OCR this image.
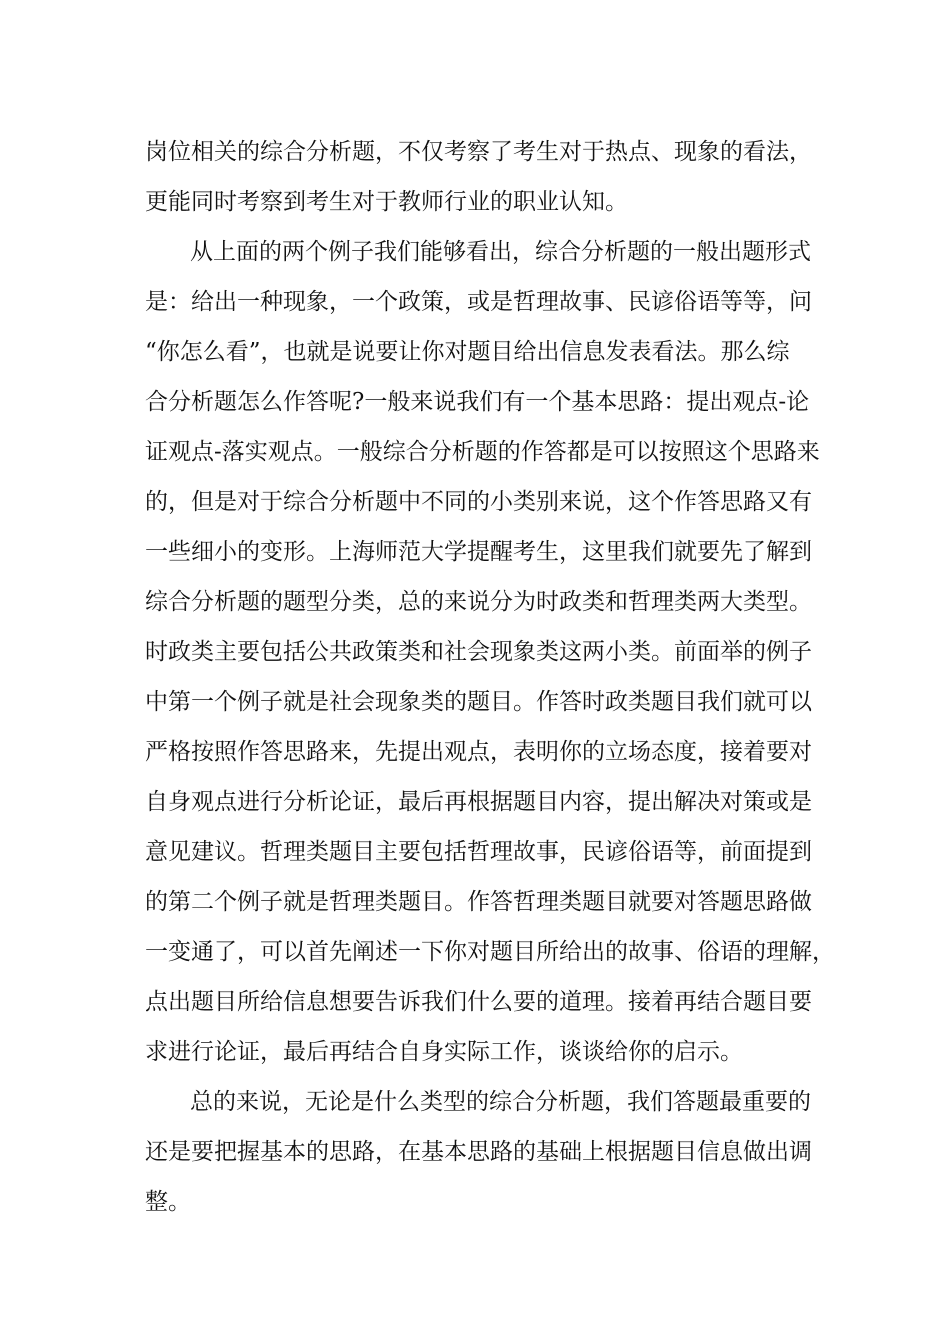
岗位相关的综合分析题，不仅考察了考生对于热点、现象的看法，
更能同时考察到考生对于教师行业的职业认知。
从上面的两个例子我们能够看出，综合分析题的一般出题形式
是：给出一种现象，一个政策，或是哲理故事、民谚俗语等等，问
“你怎么看”，也就是说要让你对题目给出信息发表看法。那么综
合分析题怎么作答呢?一般来说我们有一个基本思路：提出观点-论
证观点-落实观点。一般综合分析题的作答都是可以按照这个思路来
的，但是对于综合分析题中不同的小类别来说，这个作答思路又有
一些细小的变形。上海师范大学提醒考生，这里我们就要先了解到
综合分析题的题型分类，总的来说分为时政类和哲理类两大类型。
时政类主要包括公共政策类和社会现象类这两小类。前面举的例子
中第一个例子就是社会现象类的题目。作答时政类题目我们就可以
严格按照作答思路来，先提出观点，表明你的立场态度，接着要对
自身观点进行分析论证，最后再根据题目内容，提出解决对策或是
意见建议。哲理类题目主要包括哲理故事，民谚俗语等，前面提到
的第二个例子就是哲理类题目。作答哲理类题目就要对答题思路做
一变通了，可以首先阐述一下你对题目所给出的故事、俗语的理解，
点出题目所给信息想要告诉我们什么要的道理。接着再结合题目要
求进行论证，最后再结合自身实际工作，谈谈给你的启示。
总的来说，无论是什么类型的综合分析题，我们答题最重要的
还是要把握基本的思路，在基本思路的基础上根据题目信息做出调
整。
